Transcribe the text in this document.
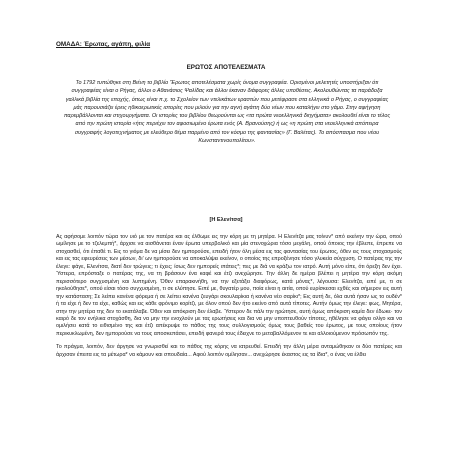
ΟΜΑΔΑ: Έρωτας, αγάπη, φιλία
ΕΡΩΤΟΣ ΑΠΟΤΕΛΕΣΜΑΤΑ

Το 1792 τυπώθηκε στη Βιένη το βιβλίο 'Έρωτος αποτελέσματα χωρίς όνομα συγγραφέα. Ορισμένοι μελετητές υποστήριξαν ότι συγγραφέας είναι ο Ρήγας, άλλοι ο Αθανάσιος Ψαλίδας και άλλοι έκαναν διάφορες άλλες υποθέσεις. Ακολουθώντας τα παράδοξα γαλλικά βιβλία της εποχής, όπως είναι π.χ. το Σχολείον των ντελικάτων εραστών που μετέφρασε στα ελληνικά ο Ρήγας, ο συγγραφέας μάς παρουσιάζει έρεις ηθικοερωτικές ιστορίες που μιλούν για την αγνή αγάπη δύο νέων που καταλήγει στο γάμο. Στην αφήγηση παρεμβάλλονται και στιχουργήματα. Οι ιστορίες του βιβλίου θεωρούνται ως «τα πρώτα νεοελληνικά διηγήματα» ακολουθεί είναι το τέλος από την πρώτη ιστορία «ήτις περιέχει τον αφοσιωμένο έρωτα ενός (Α. Βρανούσης) ή ως «η πρώτη στα νεοελληνικά απόπειρα συγγραφής λογοτεχνήματος με ελεύθερο θέμα παρμένο από τον κόσμο της φαντασίας» (Γ. Βαλέτας). Το απόσπασμα που νέου Κωνσταντινουπολίτου».

[Η Ελενίτσα]

Ας αφήσομε λοιπόν τώρα τον υιό με τον πατέρα και ας έλθωμε εις την κόρη με τη μητέρα. Η Ελενίτζα μας τοίνυν* από εκείνην την ώρα, οπού ωμίλησε με το τζελεμπή*, άρχισε να αισθάνεται έναν έρωτα υπερβολικό και μία στενοχώρια τόσο μεγάλη, οπού όποιος την έβλεπε, έπρεπε να στοχασθεί, ότι έπαθέ τι. Εις το γιόμα δε να μίσει δεν ημπορούσε, επειδή ήτον όλη μέσα εις τας φαντασίας του έρωτος, όθεν εις τους στοχασμούς και εις τας εφευρέσεις των μέσων, δι' ων ημπορούσε να αποκαλύψει εκείνον, ο οποίος της επροξένησε τόσο γλυκεία σύγχυση. Ο πατέρας της την έλεγε: φάγε, Ελενίτσα, διατί δεν τρώγεις; τι έχεις; ίσως δεν ημπορείς ιπάτεις*; πες με διά να κράξω τον ιατρό. Αυτή μόνο είπε, ότι όρεξη δεν έχει. Ύστερα, επρόσταξε ο πατέρας της, να τη βράσουν ένα καφέ και έτζι ανεχώρησε. Την άλλη δε ημέρα βλέπει η μητέρα την κόρη ακόμη περισσότερο συγχυσμένη και λυπημένη. Όθεν επαρακινήθη, να την εξετάξει διαφόρως, κατά μόνας*, λέγουσα: Ελενίτζα, ειπέ με, τι σε ηκολούθησε*, οπού είσαι τόσο συγχυσμένη, τι σε ελύπησε. Ειπέ με, θυγατέρ μου, ποία είναι η αιτία, οπού ευρίσκεσαι εχθές και σήμερον εις αυτή την κατάσταση; Σε λείπει κανένα φόρεμα ή σε λείπει κανένα ζευγάρι σκουλαρίκια ή κανένα νέο σαρίκι*; Εις αυτή δε, όλα αυτά ήσαν ως το ουδέν* ή τα είχε ή δεν τα είχε, καθώς και εις κάθε φρόνιμο κορίτζι, με όλον οπού δεν ήτο εκείνο από αυτά τίποτες. Αυτήν όμως την έλεγε: φως, Μητέρα, στην την μητέρα της δεν το εκατάλαβε. Όθεν και απόκριση δεν έλαβε. Ύστερον δε πάλι την ηρώτησε, αυτή όμως απόκριση καμία δεν έδωκε· τον καιρό δε τον ενήλικα στοχάσθη, δια να μην την ενοχλούν με τας ερωτήσεις και δια να μην υποπτευθούν τίποτες, ηθέλησε να φάγει ολίγο και να ομιλήσει κατά το ειθισμένο της και έτζι απέκρυψε το πάθος της τους συλλογισμούς όμως τους βαθείς του έρωτος, με τους οποίους ήτον περικυκλωμένη, δεν ημπορούσε να τους αποσκεπάσει, επειδή φανερά τους έδειχνε το μεταβαλλόμενον τε και αλλοιούμενον πρόσωπόν της.

Το πράγμα, λοιπόν, δεν άργησε να γνωρισθεί και το πάθος της κόρης να ιατρευθεί. Επειδή την άλλη μέρα ανταμώθηκαν οι δύο πατέρες και άρχισαν έπειτα εις τα μέτωρα* να κάμουν και σπουδαία... Αφού λοιπόν ομίλησαν... ανεχώρησε έκαστος εις τα ίδια*, ο ένας να έλθει
